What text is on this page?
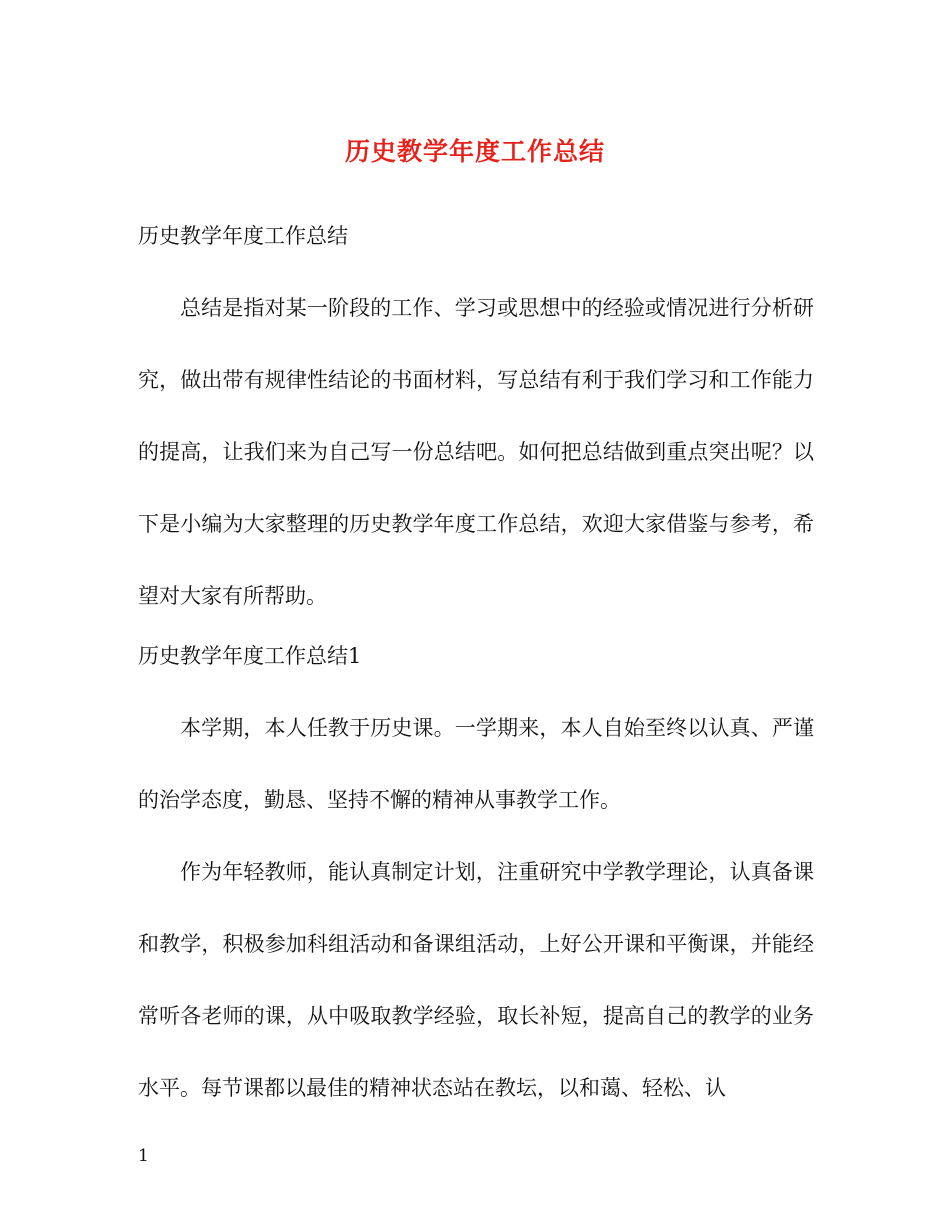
历史教学年度工作总结
历史教学年度工作总结

总结是指对某一阶段的工作、学习或思想中的经验或情况进行分析研究，做出带有规律性结论的书面材料，写总结有利于我们学习和工作能力的提高，让我们来为自己写一份总结吧。如何把总结做到重点突出呢？以下是小编为大家整理的历史教学年度工作总结，欢迎大家借鉴与参考，希望对大家有所帮助。

历史教学年度工作总结1

本学期，本人任教于历史课。一学期来，本人自始至终以认真、严谨的治学态度，勤恳、坚持不懈的精神从事教学工作。

作为年轻教师，能认真制定计划，注重研究中学教学理论，认真备课和教学，积极参加科组活动和备课组活动，上好公开课和平衡课，并能经常听各老师的课，从中吸取教学经验，取长补短，提高自己的教学的业务水平。每节课都以最佳的精神状态站在教坛，以和蔼、轻松、认

1
